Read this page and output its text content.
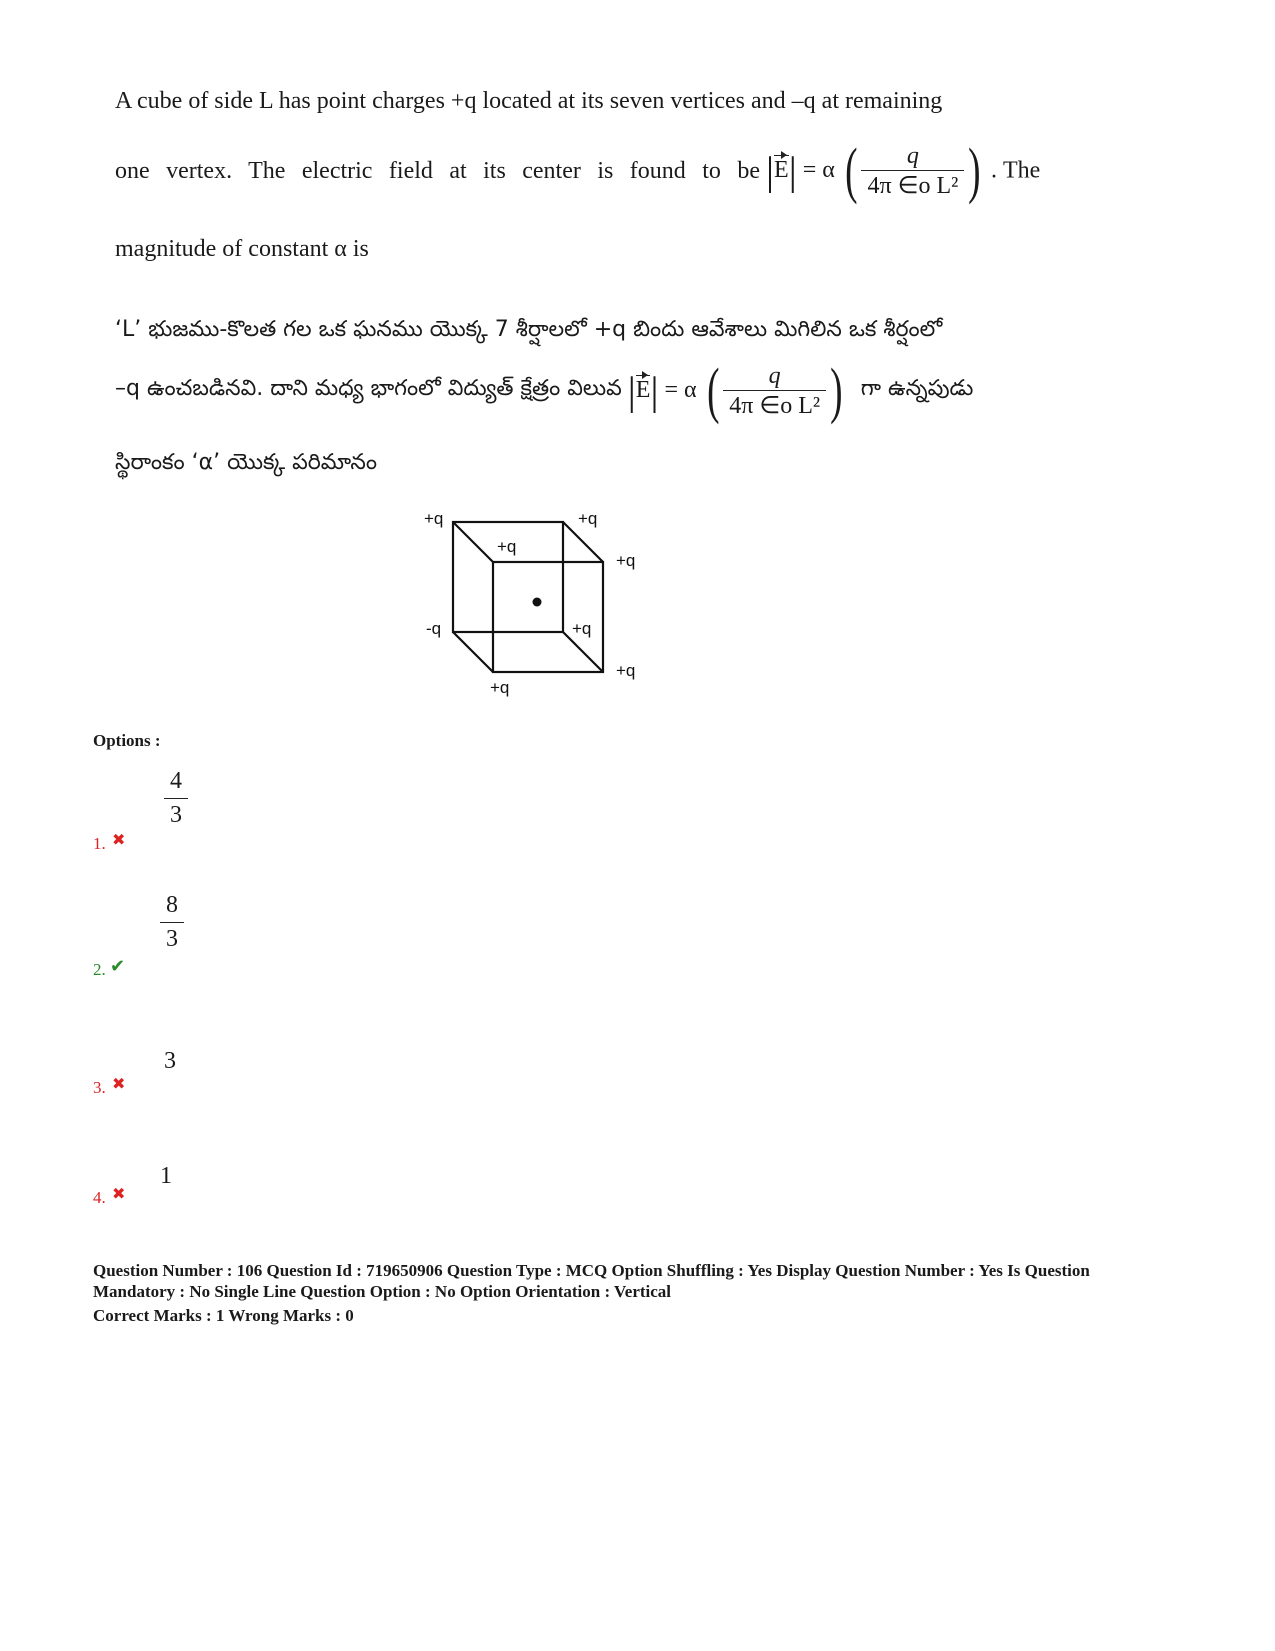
A cube of side L has point charges +q located at its seven vertices and –q at remaining
one vertex. The electric field at its center is found to be |E| = α ( $\frac{q}{\text{4π ∈o L²}}$ ) . The
magnitude of constant α is
‘L’ భుజము-కొలత గల ఒక ఘనము యొక్క 7 శీర్షాలలో +q బిందు ఆవేశాలు మిగిలిన ఒక శీర్షంలో
–q ఉంచబడినవి. దాని మధ్య భాగంలో విద్యుత్ క్షేత్రం విలువ |E| = α ( $\frac{q}{\text{4π ∈o L²}}$ ) గా ఉన్నపుడు
స్థిరాంకం ‘α’ యొక్క పరిమానం
+q	+q
+q
+q
-q	+q
+q
+q
Options :
4
3
1. ✖
8
3
2. ✔
3
3. ✖
1
4. ✖
Question Number : 106 Question Id : 719650906 Question Type : MCQ Option Shuffling : Yes Display Question Number : Yes Is Question
Mandatory : No Single Line Question Option : No Option Orientation : Vertical
Correct Marks : 1 Wrong Marks : 0
